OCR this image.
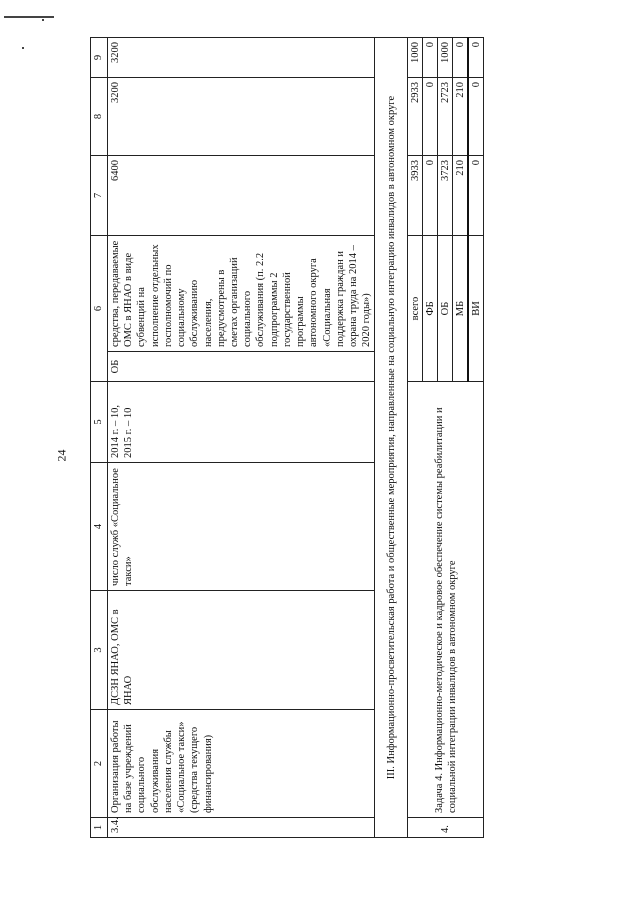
24
1	2	3	4	5	6		7	8	9
3.4.	Организация работы на базе учреждений социального обслуживания населения службы «Социальное такси» (средства текущего финансирования)	ДСЗН ЯНАО, ОМС в ЯНАО	число служб «Социальное такси»	2014 г. – 10, 2015 г. – 10	ОБ	средства, передаваемые ОМС в ЯНАО в виде субвенций на исполнение отдельных госполномочий по социальному обслуживанию населения, предусмотрены в сметах организаций социального обслуживания (п. 2.2 подпрограммы 2 государственной программы автономного округа «Социальная поддержка граждан и охрана труда на 2014 – 2020 годы»)	6400	3200	3200
III. Информационно-просветительская работа и общественные мероприятия, направленные на социальную интеграцию инвалидов в автономном округе									
4.	Задача 4. Информационно-методическое и кадровое обеспечение системы реабилитации и социальной интеграции инвалидов в автономном округе				всего		3933	2933	1000
					ФБ		0	0	0
					ОБ		3723	2723	1000
					МБ		210	210	0
					ВИ		0	0	0
